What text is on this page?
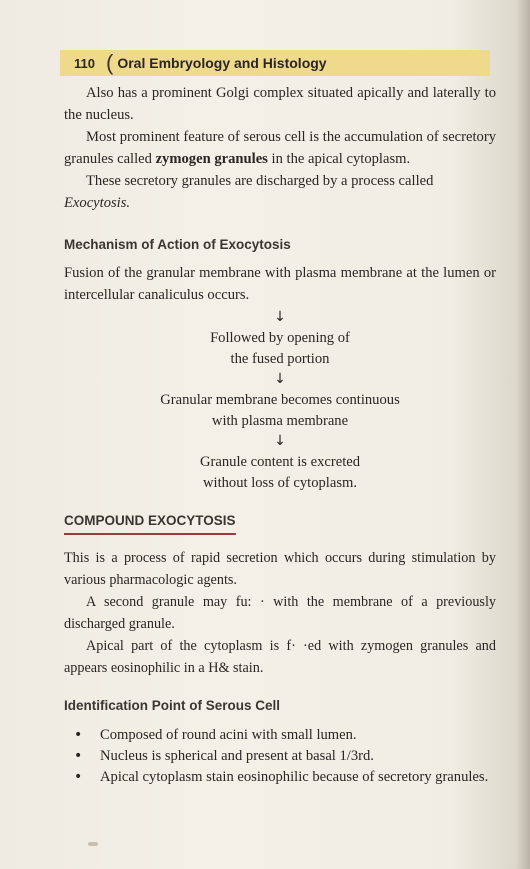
110 ( Oral Embryology and Histology

Also has a prominent Golgi complex situated apically and laterally to the nucleus.

Most prominent feature of serous cell is the accumulation of secretory granules called zymogen granules in the apical cytoplasm.

These secretory granules are discharged by a process called
Exocytosis.

Mechanism of Action of Exocytosis

Fusion of the granular membrane with plasma membrane at the lumen or intercellular canaliculus occurs.

↓
Followed by opening of
the fused portion
↓
Granular membrane becomes continuous
with plasma membrane
↓
Granule content is excreted
without loss of cytoplasm.
COMPOUND EXOCYTOSIS

This is a process of rapid secretion which occurs during stimulation by various pharmacologic agents.

A second granule may fu: · with the membrane of a previously discharged granule.

Apical part of the cytoplasm is f· ·ed with zymogen granules and appears eosinophilic in a H& stain.

Identification Point of Serous Cell
• Composed of round acini with small lumen.
• Nucleus is spherical and present at basal 1/3rd.
• Apical cytoplasm stain eosinophilic because of secretory granules.
